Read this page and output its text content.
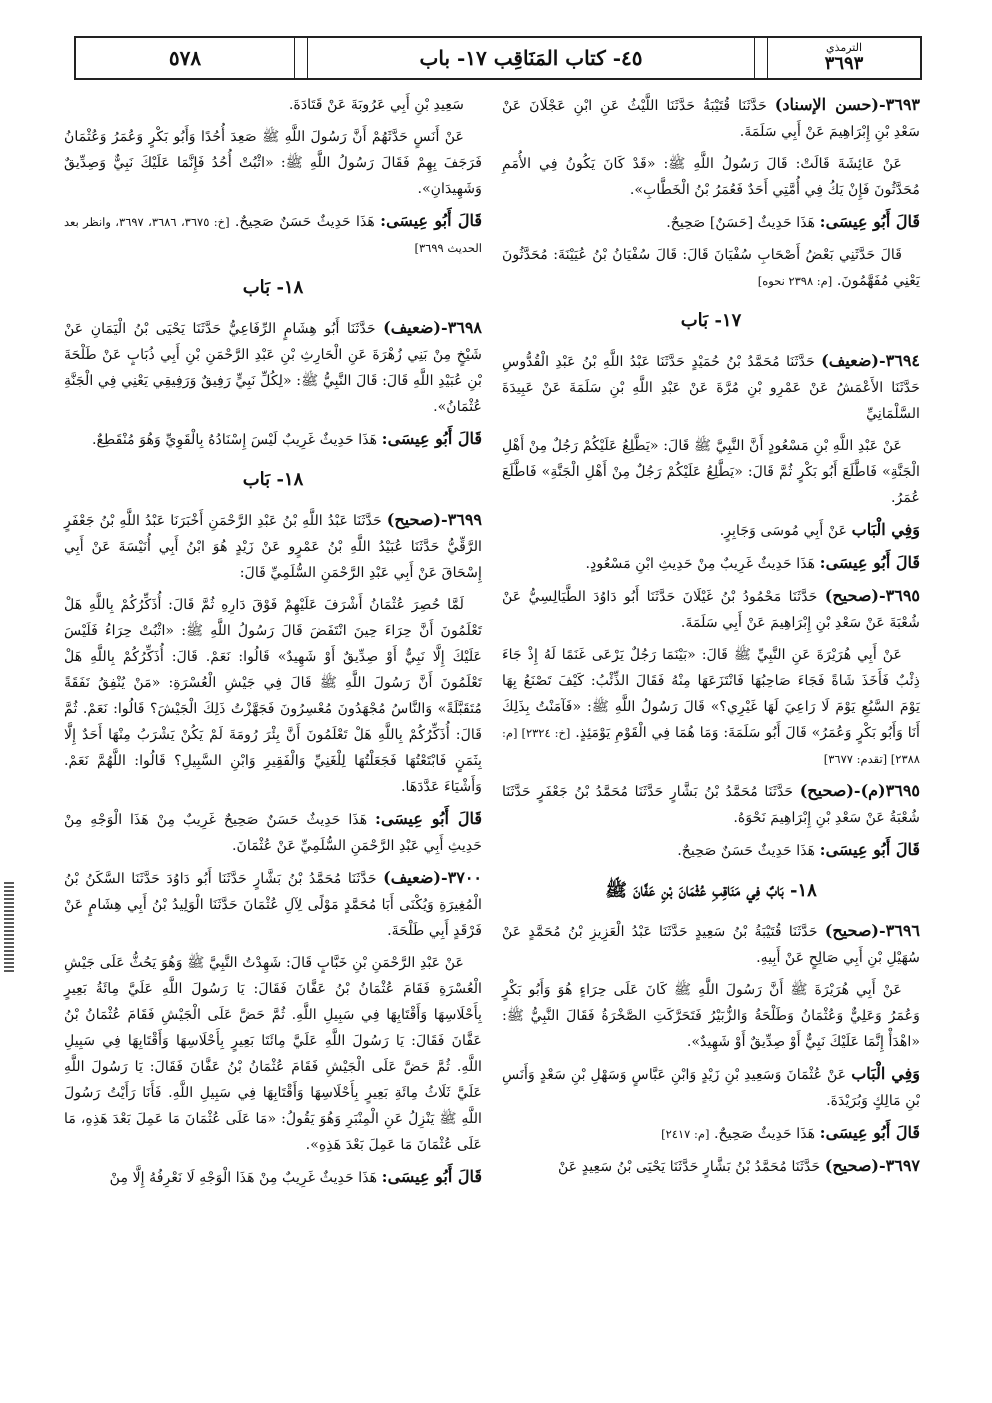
٥٧٨	٤٥- كتاب المَنَاقِب ١٧- باب	الترمذي
٣٦٩٣

٣٦٩٣-(حسن الإسناد) حَدَّثَنَا قُتَيْبَةُ حَدَّثَنَا اللَّيْثُ عَنِ ابْنِ عَجْلَانَ عَنْ سَعْدِ بْنِ إِبْرَاهِيمَ عَنْ أَبِي سَلَمَةَ.

عَنْ عَائِشَةَ قَالَتْ: قَالَ رَسُولُ اللَّهِ ﷺ: «قَدْ كَانَ يَكُونُ فِي الأُمَمِ مُحَدَّثُونَ فَإِنْ يَكُ فِي أُمَّتِي أَحَدٌ فَعُمَرُ بْنُ الْخَطَّابِ».

قَالَ أَبُو عِيسَى: هَذَا حَدِيثٌ [حَسَنٌ] صَحِيحٌ.

قَالَ حَدَّثَنِي بَعْضُ أَصْحَابِ سُفْيَانَ قَالَ: قَالَ سُفْيَانُ بْنُ عُيَيْنَةَ: مُحَدَّثُونَ يَعْنِي مُفَهَّمُونَ. [م: ٢٣٩٨ نحوه]

١٧- بَاب

٣٦٩٤-(ضعيف) حَدَّثَنَا مُحَمَّدُ بْنُ حُمَيْدٍ حَدَّثَنَا عَبْدُ اللَّهِ بْنُ عَبْدِ الْقُدُّوسِ حَدَّثَنَا الأَعْمَشُ عَنْ عَمْرِو بْنِ مُرَّةَ عَنْ عَبْدِ اللَّهِ بْنِ سَلَمَةَ عَنْ عَبِيدَةَ السَّلْمَانِيِّ

عَنْ عَبْدِ اللَّهِ بْنِ مَسْعُودٍ أَنَّ النَّبِيَّ ﷺ قَالَ: «يَطَّلِعُ عَلَيْكُمْ رَجُلٌ مِنْ أَهْلِ الْجَنَّةِ» فَاطَّلَعَ أَبُو بَكْرٍ ثُمَّ قَالَ: «يَطَّلِعُ عَلَيْكُمْ رَجُلٌ مِنْ أَهْلِ الْجَنَّةِ» فَاطَّلَعَ عُمَرُ.

وَفِي الْبَاب عَنْ أَبِي مُوسَى وَجَابِرٍ.

قَالَ أَبُو عِيسَى: هَذَا حَدِيثٌ غَرِيبٌ مِنْ حَدِيثِ ابْنِ مَسْعُودٍ.

٣٦٩٥-(صحيح) حَدَّثَنَا مَحْمُودُ بْنُ غَيْلَانَ حَدَّثَنَا أَبُو دَاوُدَ الطَّيَالِسِيُّ عَنْ شُعْبَةَ عَنْ سَعْدِ بْنِ إِبْرَاهِيمَ عَنْ أَبِي سَلَمَةَ.

عَنْ أَبِي هُرَيْرَةَ عَنِ النَّبِيِّ ﷺ قَالَ: «بَيْنَمَا رَجُلٌ يَرْعَى غَنَمًا لَهُ إِذْ جَاءَ ذِئْبٌ فَأَخَذَ شَاةً فَجَاءَ صَاحِبُهَا فَانْتَزَعَهَا مِنْهُ فَقَالَ الذِّئْبُ: كَيْفَ تَصْنَعُ بِهَا يَوْمَ السَّبُعِ يَوْمَ لَا رَاعِيَ لَهَا غَيْرِي؟» قَالَ رَسُولُ اللَّهِ ﷺ: «فَآمَنْتُ بِذَلِكَ أَنَا وَأَبُو بَكْرٍ وَعُمَرُ» قَالَ أَبُو سَلَمَةَ: وَمَا هُمَا فِي الْقَوْمِ يَوْمَئِذٍ. [خ: ٢٣٢٤] [م: ٢٣٨٨] [تقدم: ٣٦٧٧]

٣٦٩٥(م)-(صحيح) حَدَّثَنَا مُحَمَّدُ بْنُ بَشَّارٍ حَدَّثَنَا مُحَمَّدُ بْنُ جَعْفَرٍ حَدَّثَنَا شُعْبَةُ عَنْ سَعْدِ بْنِ إِبْرَاهِيمَ نَحْوَهُ.

قَالَ أَبُو عِيسَى: هَذَا حَدِيثٌ حَسَنٌ صَحِيحٌ.

١٨- بَابٌ فِي مَنَاقِبِ عُثْمَانَ بْنِ عَفَّانَ ﷺ

٣٦٩٦-(صحيح) حَدَّثَنَا قُتَيْبَةُ بْنُ سَعِيدٍ حَدَّثَنَا عَبْدُ الْعَزِيزِ بْنُ مُحَمَّدٍ عَنْ سُهَيْلِ بْنِ أَبِي صَالِحٍ عَنْ أَبِيهِ.

عَنْ أَبِي هُرَيْرَةَ ﷺ أَنَّ رَسُولَ اللَّهِ ﷺ كَانَ عَلَى حِرَاءٍ هُوَ وَأَبُو بَكْرٍ وَعُمَرُ وَعَلِيٌّ وَعُثْمَانُ وَطَلْحَةُ وَالزُّبَيْرُ فَتَحَرَّكَتِ الصَّخْرَةُ فَقَالَ النَّبِيُّ ﷺ: «اهْدَأْ إِنَّمَا عَلَيْكَ نَبِيٌّ أَوْ صِدِّيقٌ أَوْ شَهِيدٌ».

وَفِي الْبَاب عَنْ عُثْمَانَ وَسَعِيدِ بْنِ زَيْدٍ وَابْنِ عَبَّاسٍ وَسَهْلِ بْنِ سَعْدٍ وَأَنَسِ بْنِ مَالِكٍ وَبُرَيْدَةَ.

قَالَ أَبُو عِيسَى: هَذَا حَدِيثٌ صَحِيحٌ. [م: ٢٤١٧]

٣٦٩٧-(صحيح) حَدَّثَنَا مُحَمَّدُ بْنُ بَشَّارٍ حَدَّثَنَا يَحْيَى بْنُ سَعِيدٍ عَنْ

سَعِيدِ بْنِ أَبِي عَرُوبَةَ عَنْ قَتَادَةَ.

عَنْ أَنَسٍ حَدَّثَهُمْ أَنَّ رَسُولَ اللَّهِ ﷺ صَعِدَ أُحُدًا وَأَبُو بَكْرٍ وَعُمَرُ وَعُثْمَانُ فَرَجَفَ بِهِمْ فَقَالَ رَسُولُ اللَّهِ ﷺ: «اثْبُتْ أُحُدُ فَإِنَّمَا عَلَيْكَ نَبِيٌّ وَصِدِّيقٌ وَشَهِيدَانِ».

قَالَ أَبُو عِيسَى: هَذَا حَدِيثٌ حَسَنٌ صَحِيحٌ. [خ: ٣٦٧٥، ٣٦٨٦، ٣٦٩٧، وانظر بعد الحديث ٣٦٩٩]

١٨- بَاب

٣٦٩٨-(ضعيف) حَدَّثَنَا أَبُو هِشَامٍ الرِّفَاعِيُّ حَدَّثَنَا يَحْيَى بْنُ الْيَمَانِ عَنْ شَيْخٍ مِنْ بَنِي زُهْرَةَ عَنِ الْحَارِثِ بْنِ عَبْدِ الرَّحْمَنِ بْنِ أَبِي ذُبَابٍ عَنْ طَلْحَةَ بْنِ عُبَيْدِ اللَّهِ قَالَ: قَالَ النَّبِيُّ ﷺ: «لِكُلِّ نَبِيٍّ رَفِيقٌ وَرَفِيقِي يَعْنِي فِي الْجَنَّةِ عُثْمَانُ».

قَالَ أَبُو عِيسَى: هَذَا حَدِيثٌ غَرِيبٌ لَيْسَ إِسْنَادُهُ بِالْقَوِيِّ وَهُوَ مُنْقَطِعٌ.

١٨- بَاب

٣٦٩٩-(صحيح) حَدَّثَنَا عَبْدُ اللَّهِ بْنُ عَبْدِ الرَّحْمَنِ أَخْبَرَنَا عَبْدُ اللَّهِ بْنُ جَعْفَرٍ الرَّقِّيُّ حَدَّثَنَا عُبَيْدُ اللَّهِ بْنُ عَمْرٍو عَنْ زَيْدٍ هُوَ ابْنُ أَبِي أُنَيْسَةَ عَنْ أَبِي إِسْحَاقَ عَنْ أَبِي عَبْدِ الرَّحْمَنِ السُّلَمِيِّ قَالَ:

لَمَّا حُصِرَ عُثْمَانُ أَشْرَفَ عَلَيْهِمْ فَوْقَ دَارِهِ ثُمَّ قَالَ: أُذَكِّرُكُمْ بِاللَّهِ هَلْ تَعْلَمُونَ أَنَّ حِرَاءَ حِينَ انْتَفَضَ قَالَ رَسُولُ اللَّهِ ﷺ: «اثْبُتْ حِرَاءُ فَلَيْسَ عَلَيْكَ إِلَّا نَبِيٌّ أَوْ صِدِّيقٌ أَوْ شَهِيدٌ» قَالُوا: نَعَمْ. قَالَ: أُذَكِّرُكُمْ بِاللَّهِ هَلْ تَعْلَمُونَ أَنَّ رَسُولَ اللَّهِ ﷺ قَالَ فِي جَيْشِ الْعُسْرَةِ: «مَنْ يُنْفِقُ نَفَقَةً مُتَقَبَّلَةً» وَالنَّاسُ مُجْهَدُونَ مُعْسِرُونَ فَجَهَّزْتُ ذَلِكَ الْجَيْشَ؟ قَالُوا: نَعَمْ. ثُمَّ قَالَ: أُذَكِّرُكُمْ بِاللَّهِ هَلْ تَعْلَمُونَ أَنَّ بِئْرَ رُومَةَ لَمْ يَكُنْ يَشْرَبُ مِنْهَا أَحَدٌ إِلَّا بِثَمَنٍ فَابْتَعْتُهَا فَجَعَلْتُهَا لِلْغَنِيِّ وَالْفَقِيرِ وَابْنِ السَّبِيلِ؟ قَالُوا: اللَّهُمَّ نَعَمْ. وَأَشْيَاءَ عَدَّدَهَا.

قَالَ أَبُو عِيسَى: هَذَا حَدِيثٌ حَسَنٌ صَحِيحٌ غَرِيبٌ مِنْ هَذَا الْوَجْهِ مِنْ حَدِيثِ أَبِي عَبْدِ الرَّحْمَنِ السُّلَمِيِّ عَنْ عُثْمَانَ.

٣٧٠٠-(ضعيف) حَدَّثَنَا مُحَمَّدُ بْنُ بَشَّارٍ حَدَّثَنَا أَبُو دَاوُدَ حَدَّثَنَا السَّكَنُ بْنُ الْمُغِيرَةِ وَيُكْنَى أَبَا مُحَمَّدٍ مَوْلًى لِآلِ عُثْمَانَ حَدَّثَنَا الْوَلِيدُ بْنُ أَبِي هِشَامٍ عَنْ فَرْقَدٍ أَبِي طَلْحَةَ.

عَنْ عَبْدِ الرَّحْمَنِ بْنِ خَبَّابٍ قَالَ: شَهِدْتُ النَّبِيَّ ﷺ وَهُوَ يَحُثُّ عَلَى جَيْشِ الْعُسْرَةِ فَقَامَ عُثْمَانُ بْنُ عَفَّانَ فَقَالَ: يَا رَسُولَ اللَّهِ عَلَيَّ مِائَةُ بَعِيرٍ بِأَحْلَاسِهَا وَأَقْتَابِهَا فِي سَبِيلِ اللَّهِ. ثُمَّ حَضَّ عَلَى الْجَيْشِ فَقَامَ عُثْمَانُ بْنُ عَفَّانَ فَقَالَ: يَا رَسُولَ اللَّهِ عَلَيَّ مِائَتَا بَعِيرٍ بِأَحْلَاسِهَا وَأَقْتَابِهَا فِي سَبِيلِ اللَّهِ. ثُمَّ حَضَّ عَلَى الْجَيْشِ فَقَامَ عُثْمَانُ بْنُ عَفَّانَ فَقَالَ: يَا رَسُولَ اللَّهِ عَلَيَّ ثَلَاثُ مِائَةِ بَعِيرٍ بِأَحْلَاسِهَا وَأَقْتَابِهَا فِي سَبِيلِ اللَّهِ. فَأَنَا رَأَيْتُ رَسُولَ اللَّهِ ﷺ يَنْزِلُ عَنِ الْمِنْبَرِ وَهُوَ يَقُولُ: «مَا عَلَى عُثْمَانَ مَا عَمِلَ بَعْدَ هَذِهِ، مَا عَلَى عُثْمَانَ مَا عَمِلَ بَعْدَ هَذِهِ».

قَالَ أَبُو عِيسَى: هَذَا حَدِيثٌ غَرِيبٌ مِنْ هَذَا الْوَجْهِ لَا نَعْرِفُهُ إِلَّا مِنْ
